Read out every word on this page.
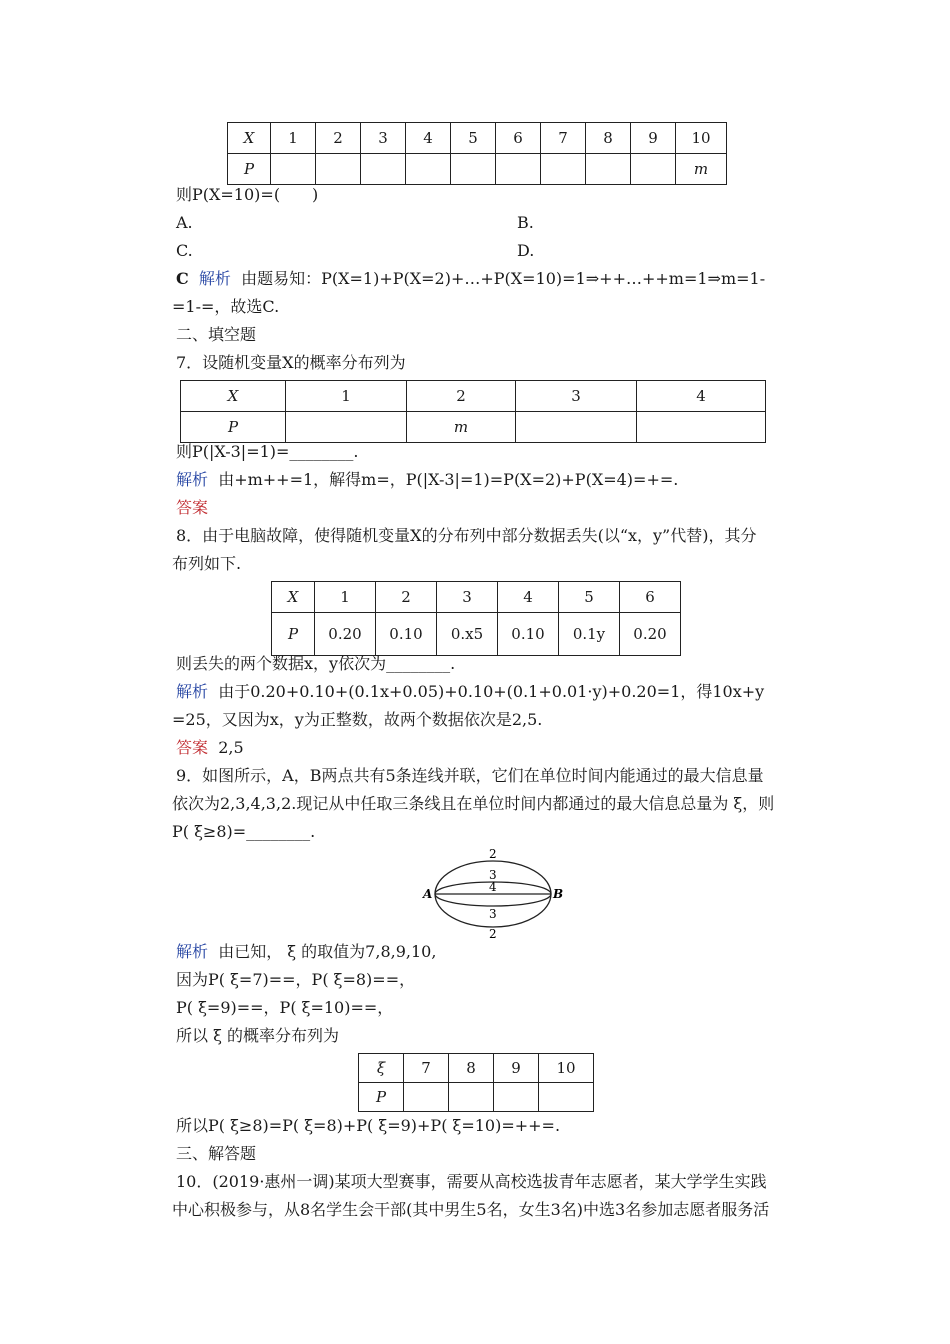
X	1	2	3	4	5	6	7	8	9	10
P										m
则P(X=10)=(　　)
A.	B.
C.	D.
C 解析 由题易知：P(X=1)+P(X=2)+…+P(X=10)=1⇒++…++m=1⇒m=1-
=1-=，故选C.
二、填空题
7．设随机变量X的概率分布列为
X	1	2	3	4
P		m		
则P(|X-3|=1)=________.
解析 由+m++=1，解得m=，P(|X-3|=1)=P(X=2)+P(X=4)=+=.
答案
8．由于电脑故障，使得随机变量X的分布列中部分数据丢失(以“x，y”代替)，其分
布列如下.
X	1	2	3	4	5	6
P	0.20	0.10	0.x5	0.10	0.1y	0.20
则丢失的两个数据x，y依次为________.
解析 由于0.20+0.10+(0.1x+0.05)+0.10+(0.1+0.01·y)+0.20=1，得10x+y
=25，又因为x，y为正整数，故两个数据依次是2,5.
答案 2,5
9．如图所示，A，B两点共有5条连线并联，它们在单位时间内能通过的最大信息量
依次为2,3,4,3,2.现记从中任取三条线且在单位时间内都通过的最大信息总量为 ξ，则
P( ξ≥8)=________.
A	B
2
3
4
3
2
解析 由已知， ξ 的取值为7,8,9,10,
因为P( ξ=7)==，P( ξ=8)==，
P( ξ=9)==，P( ξ=10)==，
所以 ξ 的概率分布列为
ξ	7	8	9	10
P				
所以P( ξ≥8)=P( ξ=8)+P( ξ=9)+P( ξ=10)=++=.
三、解答题
10．(2019·惠州一调)某项大型赛事，需要从高校选拔青年志愿者，某大学学生实践
中心积极参与，从8名学生会干部(其中男生5名，女生3名)中选3名参加志愿者服务活
